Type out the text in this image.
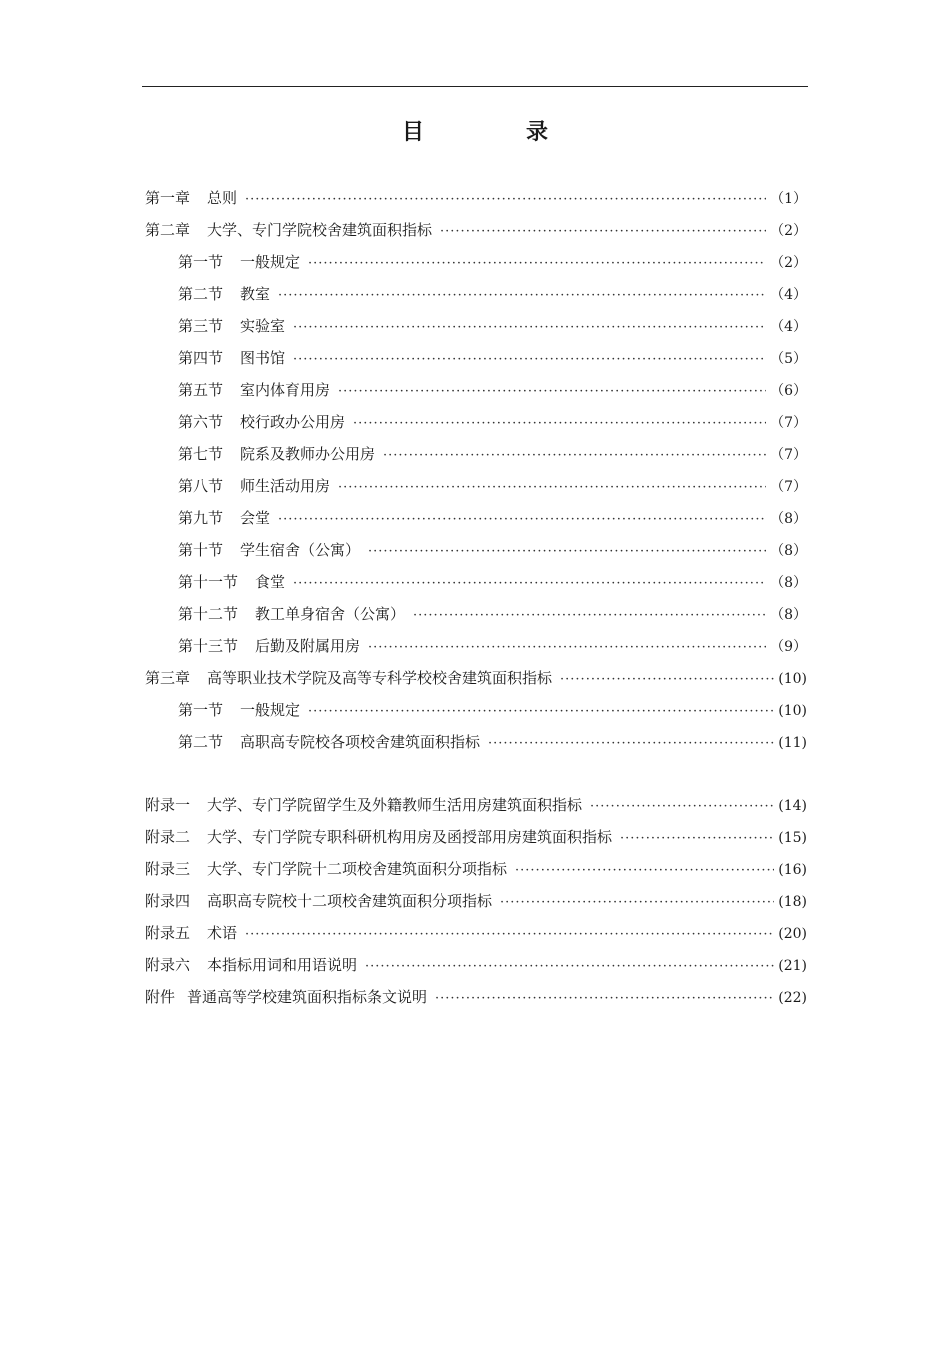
目　录
第一章 总则 ·····	（1）
第二章 大学、专门学院校舍建筑面积指标 ·····	（2）
第一节 一般规定 ·····	（2）
第二节 教室 ·····	（4）
第三节 实验室 ·····	（4）
第四节 图书馆 ·····	（5）
第五节 室内体育用房 ·····	（6）
第六节 校行政办公用房 ·····	（7）
第七节 院系及教师办公用房 ·····	（7）
第八节 师生活动用房 ·····	（7）
第九节 会堂 ·····	（8）
第十节 学生宿舍（公寓） ·····	（8）
第十一节 食堂 ·····	（8）
第十二节 教工单身宿舍（公寓） ·····	（8）
第十三节 后勤及附属用房 ·····	（9）
第三章 高等职业技术学院及高等专科学校校舍建筑面积指标 ·····	(10)
第一节 一般规定 ·····	(10)
第二节 高职高专院校各项校舍建筑面积指标 ·····	(11)
附录一 大学、专门学院留学生及外籍教师生活用房建筑面积指标 ·····	(14)
附录二 大学、专门学院专职科研机构用房及函授部用房建筑面积指标 ·····	(15)
附录三 大学、专门学院十二项校舍建筑面积分项指标 ·····	(16)
附录四 高职高专院校十二项校舍建筑面积分项指标 ·····	(18)
附录五 术语 ·····	(20)
附录六 本指标用词和用语说明 ·····	(21)
附件 普通高等学校建筑面积指标条文说明 ·····	(22)
